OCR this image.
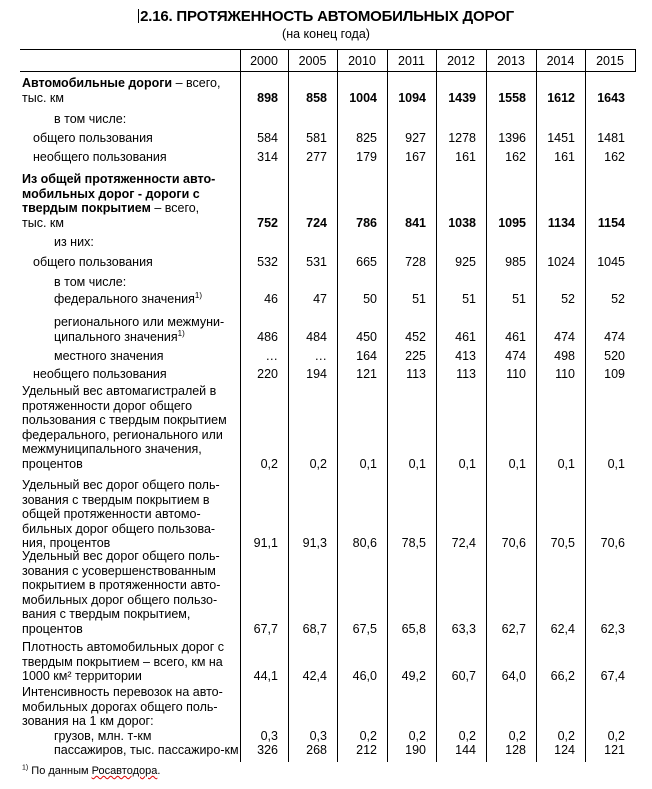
2.16. ПРОТЯЖЕННОСТЬ АВТОМОБИЛЬНЫХ ДОРОГ
(на конец года)
2000	2005	2010	2011	2012	2013	2014	2015
Автомобильные дороги – всего,
тыс. км	898	858	1004	1094	1439	1558	1612	1643
в том числе:
общего пользования	584	581	825	927	1278	1396	1451	1481
необщего пользования	314	277	179	167	161	162	161	162
Из общей протяженности авто-
мобильных дорог - дороги с
твердым покрытием – всего,
тыс. км	752	724	786	841	1038	1095	1134	1154
из них:
общего пользования	532	531	665	728	925	985	1024	1045
в том числе:
федерального значения$^{1)}$	46	47	50	51	51	51	52	52
регионального или межмуни-
ципального значения$^{1)}$	486	484	450	452	461	461	474	474
местного значения	…	…	164	225	413	474	498	520
необщего пользования	220	194	121	113	113	110	110	109
Удельный вес автомагистралей в
протяженности дорог общего
пользования с твердым покрытием
федерального, регионального или
межмуниципального значения,
процентов	0,2	0,2	0,1	0,1	0,1	0,1	0,1	0,1
Удельный вес дорог общего поль-
зования с твердым покрытием в
общей протяженности автомо-
бильных дорог общего пользова-
ния, процентов	91,1	91,3	80,6	78,5	72,4	70,6	70,5	70,6
Удельный вес дорог общего поль-
зования с усовершенствованным
покрытием в протяженности авто-
мобильных дорог общего пользо-
вания с твердым покрытием,
процентов	67,7	68,7	67,5	65,8	63,3	62,7	62,4	62,3
Плотность автомобильных дорог с
твердым покрытием – всего, км на
1000 км² территории	44,1	42,4	46,0	49,2	60,7	64,0	66,2	67,4
Интенсивность перевозок на авто-
мобильных дорогах общего поль-
зования на 1 км дорог:
грузов, млн. т-км	0,3	0,3	0,2	0,2	0,2	0,2	0,2	0,2
пассажиров, тыс. пассажиро-км	326	268	212	190	144	128	124	121
$^{1)}$ По данным Росавтодора.
